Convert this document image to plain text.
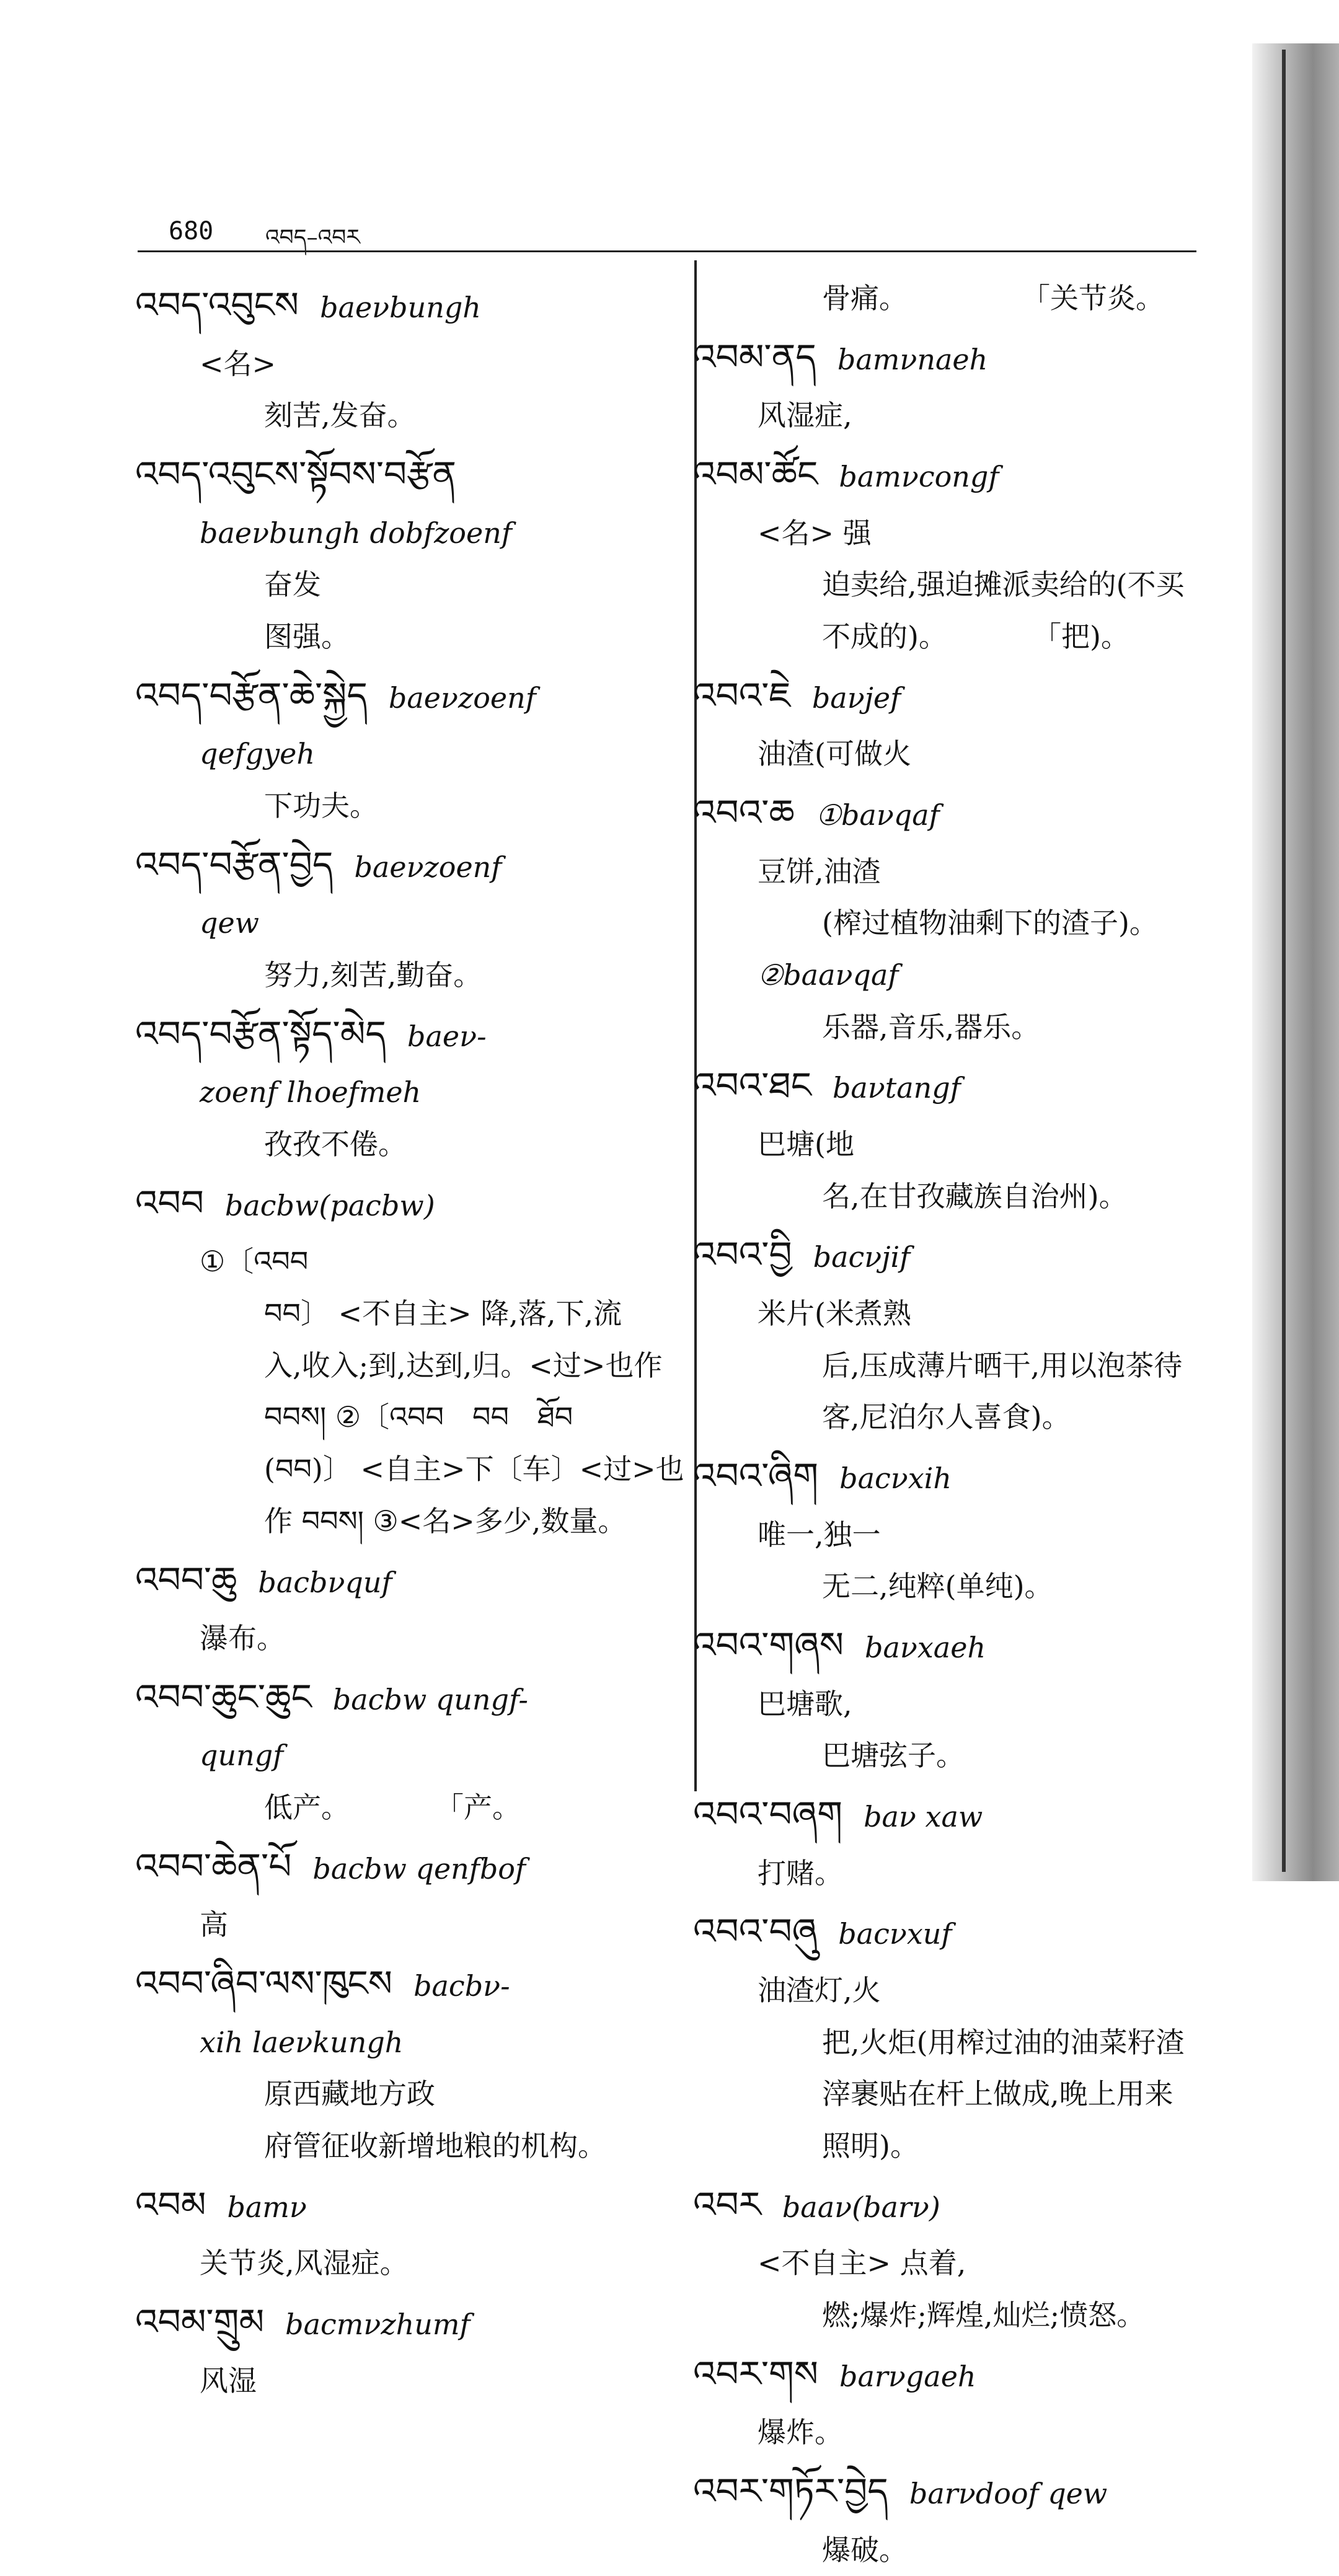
680 འབད–འབར
འབད་འབུངས baeνbungh
<名>
刻苦,发奋。
འབད་འབུངས་སྟོབས་བརྩོན
baeνbungh dobfzoenf
奋发
图强。
འབད་བརྩོན་ཆེ་སྐྱེད baeνzoenf
qefgyeh
下功夫。
འབད་བརྩོན་བྱེད baeνzoenf
qew
努力,刻苦,勤奋。
འབད་བརྩོན་སྟོད་མེད baeν-
zoenf lhoefmeh
孜孜不倦。
འབབ bacbw(pacbw)
①〔འབབ
བབ〕 <不自主> 降,落,下,流
入,收入;到,达到,归。<过>也作
བབས། ②〔འབབ　བབ　ཐོབ
(བབ)〕 <自主>下〔车〕<过>也
作 བབས། ③<名>多少,数量。
འབབ་ཆུ bacbνquf
瀑布。
འབབ་ཆུང་ཆུང bacbw qungf-
qungf
低产。　　　　「产。
འབབ་ཆེན་པོ bacbw qenfbof
高
འབབ་ཞིབ་ལས་ཁུངས bacbν-
xih laeνkungh
原西藏地方政
府管征收新增地粮的机构。
འབམ bamν
关节炎,风湿症。
འབམ་གྲུམ bacmνzhumf
风湿
骨痛。　　　　　「关节炎。
འབམ་ནད bamνnaeh
风湿症,
འབམ་ཚོང bamνcongf
<名> 强
迫卖给,强迫摊派卖给的(不买
不成的)。　　　　「把)。
འབའ་ཇེ baνjef
油渣(可做火
འབའ་ཆ ①baνqaf
豆饼,油渣
(榨过植物油剩下的渣子)。
②baaνqaf
乐器,音乐,器乐。
འབའ་ཐང baνtangf
巴塘(地
名,在甘孜藏族自治州)。
འབའ་བྱི bacνjif
米片(米煮熟
后,压成薄片晒干,用以泡茶待
客,尼泊尔人喜食)。
འབའ་ཞིག bacνxih
唯一,独一
无二,纯粹(单纯)。
འབའ་གཞས baνxaeh
巴塘歌,
巴塘弦子。
འབའ་བཞག baν xaw
打赌。
འབའ་བཞུ bacνxuf
油渣灯,火
把,火炬(用榨过油的油菜籽渣
滓裹贴在杆上做成,晚上用来
照明)。
འབར baaν(barν)
<不自主> 点着,
燃;爆炸;辉煌,灿烂;愤怒。
འབར་གས barνgaeh
爆炸。
འབར་གཏོར་བྱེད barνdoof qew
爆破。
